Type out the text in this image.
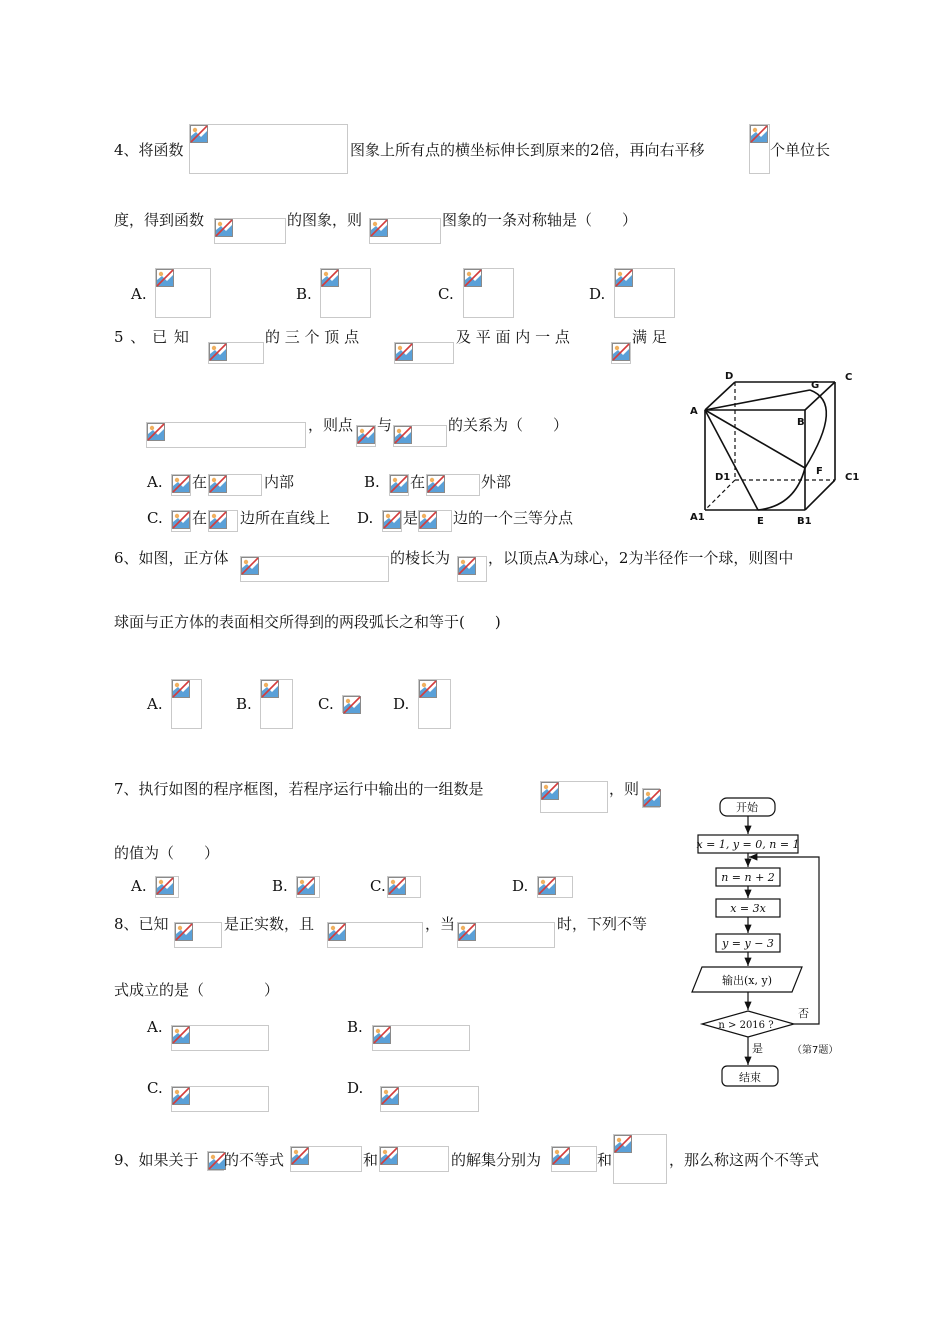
4、将函数	图象上所有点的横坐标伸长到原来的2倍，再向右平移	个单位长
度，得到函数	的图象，则	图象的一条对称轴是（　　）
A.	B.	C.	D.
5 、 已 知	的 三 个 顶 点	及 平 面 内 一 点	满 足
，则点 与	的关系为（　　）
A. 在	内部	B. 在	外部
C. 在 边所在直线上 D. 是 边的一个三等分点
D
G
C
A
B
D1
F
C1
A1	E	B1
6、如图，正方体	的棱长为	，以顶点A为球心，2为半径作一个球，则图中
球面与正方体的表面相交所得到的两段弧长之和等于(　　)
A.	B.	C.	D.
7、执行如图的程序框图，若程序运行中输出的一组数是	，则
的值为（　　）
A.	B.	C.	D.
开始
x = 1, y = 0, n = 1
n = n + 2
x = 3x
y = y − 3
输出(x, y)
n > 2016 ?
结束
否
是	（第7题）
8、已知	是正实数，且	，当	时，下列不等
式成立的是（　　　　）
A.	B.
C.	D.
9、如果关于 的不等式	和	的解集分别为	和	，那么称这两个不等式
